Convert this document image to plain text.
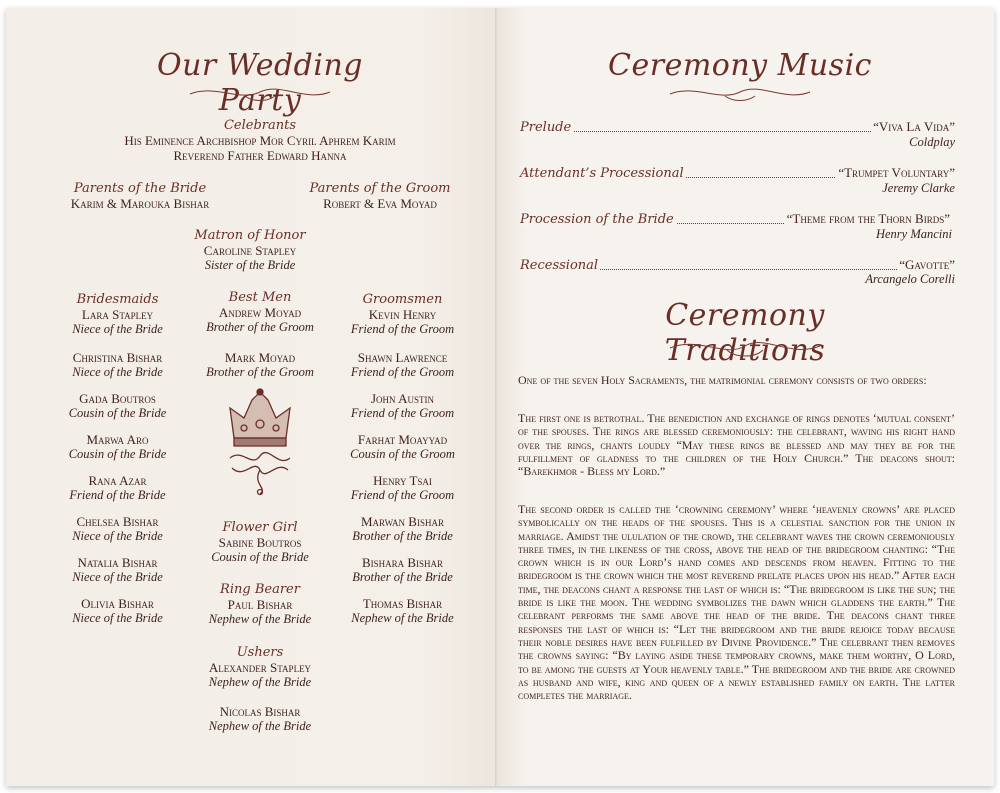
Our Wedding Party
Celebrants
His Eminence Archbishop Mor Cyril Aphrem Karim
Reverend Father Edward Hanna
Parents of the Bride
Karim & Marouka Bishar
Parents of the Groom
Robert & Eva Moyad
Matron of Honor
Caroline Stapley
Sister of the Bride
Bridesmaids
Lara Stapley
Niece of the Bride
Christina Bishar
Niece of the Bride
Gada Boutros
Cousin of the Bride
Marwa Aro
Cousin of the Bride
Rana Azar
Friend of the Bride
Chelsea Bishar
Niece of the Bride
Natalia Bishar
Niece of the Bride
Olivia Bishar
Niece of the Bride
Best Men
Andrew Moyad
Brother of the Groom
Mark Moyad
Brother of the Groom
Groomsmen
Kevin Henry
Friend of the Groom
Shawn Lawrence
Friend of the Groom
John Austin
Friend of the Groom
Farhat Moayyad
Cousin of the Groom
Henry Tsai
Friend of the Groom
Marwan Bishar
Brother of the Bride
Bishara Bishar
Brother of the Bride
Thomas Bishar
Nephew of the Bride
Flower Girl
Sabine Boutros
Cousin of the Bride
Ring Bearer
Paul Bishar
Nephew of the Bride
Ushers
Alexander Stapley
Nephew of the Bride
Nicolas Bishar
Nephew of the Bride
Ceremony Music
Prelude	“Viva La Vida”
Coldplay
Attendant’s Processional	“Trumpet Voluntary”
Jeremy Clarke
Procession of the Bride	“Theme from the Thorn Birds”
Henry Mancini
Recessional	“Gavotte”
Arcangelo Corelli
Ceremony Traditions
One of the seven Holy Sacraments, the matrimonial ceremony consists of two orders:
The first one is betrothal. The benediction and exchange of rings denotes ‘mutual consent’ of the spouses. The rings are blessed ceremoniously: the celebrant, waving his right hand over the rings, chants loudly “May these rings be blessed and may they be for the fulfillment of gladness to the children of the Holy Church.” The deacons shout: “Barekhmor - Bless my Lord.”
The second order is called the ‘crowning ceremony’ where ‘heavenly crowns’ are placed symbolically on the heads of the spouses. This is a celestial sanction for the union in marriage. Amidst the ululation of the crowd, the celebrant waves the crown ceremoniously three times, in the likeness of the cross, above the head of the bridegroom chanting: “The crown which is in our Lord’s hand comes and descends from heaven. Fitting to the bridegroom is the crown which the most reverend prelate places upon his head.” After each time, the deacons chant a response the last of which is: “The bridegroom is like the sun; the bride is like the moon. The wedding symbolizes the dawn which gladdens the earth.” The celebrant performs the same above the head of the bride. The deacons chant three responses the last of which is: “Let the bridegroom and the bride rejoice today because their noble desires have been fulfilled by Divine Providence.” The celebrant then removes the crowns saying: “By laying aside these temporary crowns, make them worthy, O Lord, to be among the guests at Your heavenly table.” The bridegroom and the bride are crowned as husband and wife, king and queen of a newly established family on earth. The latter completes the marriage.
